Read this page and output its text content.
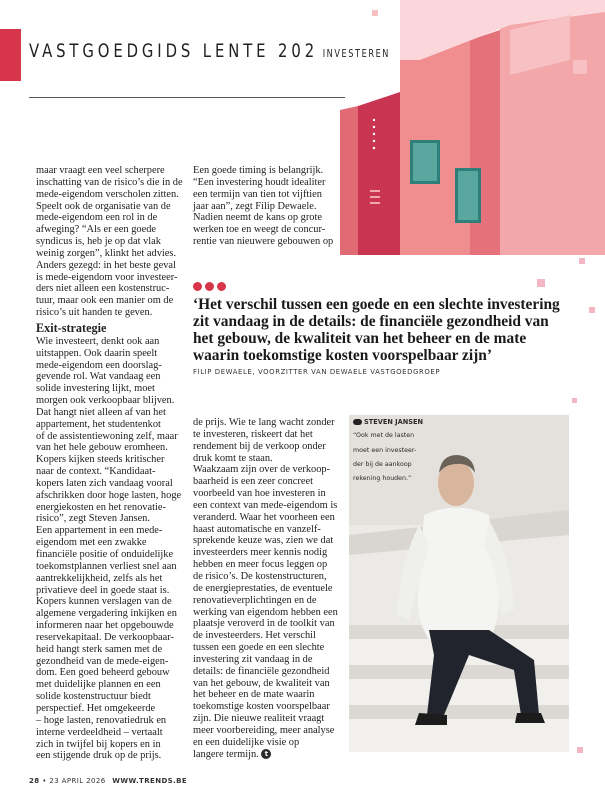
VASTGOEDGIDS LENTE 202 INVESTEREN

maar vraagt een veel scherpere

inschatting van de risico’s die in de

mede-eigendom verscholen zitten.

Speelt ook de organisatie van de

mede-eigendom een rol in de

afweging? “Als er een goede

syndicus is, heb je op dat vlak

weinig zorgen”, klinkt het advies.

Anders gezegd: in het beste geval

is mede-eigendom voor investeer-

ders niet alleen een kostenstruc-

tuur, maar ook een manier om de

risico’s uit handen te geven.

Exit-strategie

Wie investeert, denkt ook aan

uitstappen. Ook daarin speelt

mede-eigendom een doorslag-

gevende rol. Wat vandaag een

solide investering lijkt, moet

morgen ook verkoopbaar blijven.

Dat hangt niet alleen af van het

appartement, het studentenkot

of de assistentiewoning zelf, maar

van het hele gebouw eromheen.

Kopers kijken steeds kritischer

naar de context. “Kandidaat-

kopers laten zich vandaag vooral

afschrikken door hoge lasten, hoge

energiekosten en het renovatie-

risico”, zegt Steven Jansen.

Een appartement in een mede-

eigendom met een zwakke

financiële positie of onduidelijke

toekomstplannen verliest snel aan

aantrekkelijkheid, zelfs als het

privatieve deel in goede staat is.

Kopers kunnen verslagen van de

algemene vergadering inkijken en

informeren naar het opgebouwde

reservekapitaal. De verkoopbaar-

heid hangt sterk samen met de

gezondheid van de mede-eigen-

dom. Een goed beheerd gebouw

met duidelijke plannen en een

solide kostenstructuur biedt

perspectief. Het omgekeerde

– hoge lasten, renovatiedruk en

interne verdeeldheid – vertaalt

zich in twijfel bij kopers en in

een stijgende druk op de prijs.

Een goede timing is belangrijk.

“Een investering houdt idealiter

een termijn van tien tot vijftien

jaar aan”, zegt Filip Dewaele.

Nadien neemt de kans op grote

werken toe en weegt de concur-

rentie van nieuwere gebouwen op

‘Het verschil tussen een goede en een slechte investering

zit vandaag in de details: de financiële gezondheid van

het gebouw, de kwaliteit van het beheer en de mate

waarin toekomstige kosten voorspelbaar zijn’

FILIP DEWAELE, VOORZITTER VAN DEWAELE VASTGOEDGROEP

de prijs. Wie te lang wacht zonder

te investeren, riskeert dat het

rendement bij de verkoop onder

druk komt te staan.

Waakzaam zijn over de verkoop-

baarheid is een zeer concreet

voorbeeld van hoe investeren in

een context van mede-eigendom is

veranderd. Waar het voorheen een

haast automatische en vanzelf-

sprekende keuze was, zien we dat

investeerders meer kennis nodig

hebben en meer focus leggen op

de risico’s. De kostenstructuren,

de energieprestaties, de eventuele

renovatieverplichtingen en de

werking van eigendom hebben een

plaatsje veroverd in de toolkit van

de investeerders. Het verschil

tussen een goede en een slechte

investering zit vandaag in de

details: de financiële gezondheid

van het gebouw, de kwaliteit van

het beheer en de mate waarin

toekomstige kosten voorspelbaar

zijn. Die nieuwe realiteit vraagt

meer voorbereiding, meer analyse

en een duidelijke visie op

langere termijn. t

STEVEN JANSEN

“Ook met de lasten

moet een investeer-

der bij de aankoop

rekening houden.”

28 • 23 APRIL 2026 WWW.TRENDS.BE
